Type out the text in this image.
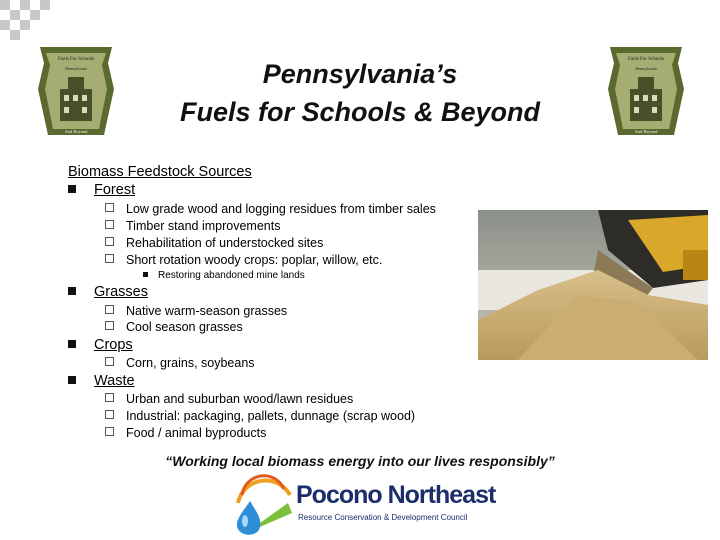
Fuels For Schools
Pennsylvania
And Beyond
Fuels For Schools
Pennsylvania
And Beyond
Pennsylvania’s
Fuels for Schools & Beyond
Biomass Feedstock Sources
Forest
Low grade wood and logging residues from timber sales
Timber stand improvements
Rehabilitation of understocked sites
Short rotation woody crops: poplar, willow, etc.
Restoring abandoned mine lands
Grasses
Native warm-season grasses
Cool season grasses
Crops
Corn, grains, soybeans
Waste
Urban and suburban wood/lawn residues
Industrial: packaging, pallets, dunnage (scrap wood)
Food / animal byproducts
“Working local biomass energy into our lives responsibly”
Pocono Northeast
Resource Conservation & Development Council
